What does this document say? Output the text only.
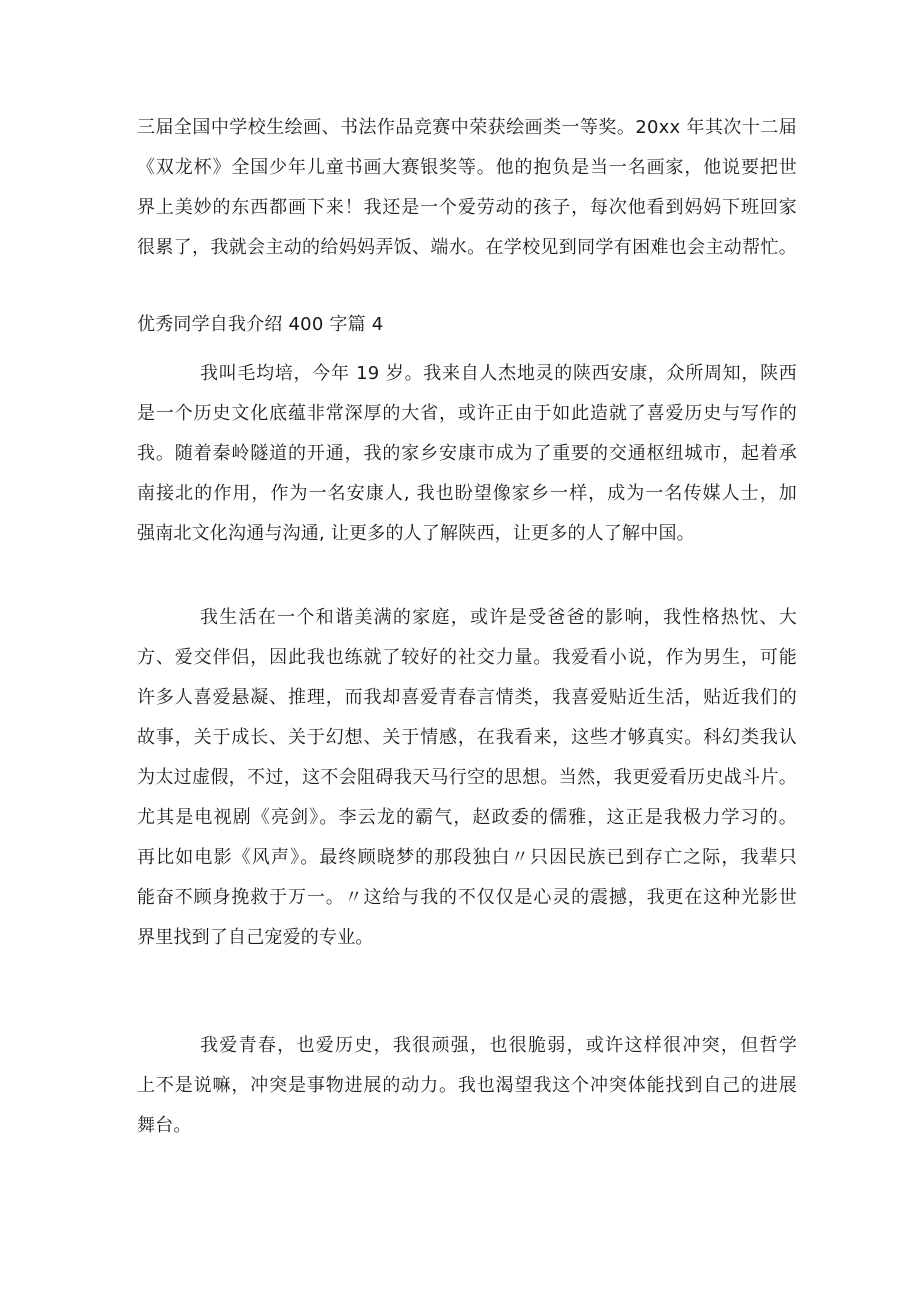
三届全国中学校生绘画、书法作品竞赛中荣获绘画类一等奖。20xx 年其次十二届
《双龙杯》全国少年儿童书画大赛银奖等。他的抱负是当一名画家，他说要把世
界上美妙的东西都画下来！我还是一个爱劳动的孩子，每次他看到妈妈下班回家
很累了，我就会主动的给妈妈弄饭、端水。在学校见到同学有困难也会主动帮忙。
优秀同学自我介绍 400 字篇 4
我叫毛均培，今年 19 岁。我来自人杰地灵的陕西安康，众所周知，陕西
是一个历史文化底蕴非常深厚的大省，或许正由于如此造就了喜爱历史与写作的
我。随着秦岭隧道的开通，我的家乡安康市成为了重要的交通枢纽城市，起着承
南接北的作用，作为一名安康人, 我也盼望像家乡一样，成为一名传媒人士，加
强南北文化沟通与沟通, 让更多的人了解陕西，让更多的人了解中国。
我生活在一个和谐美满的家庭，或许是受爸爸的影响，我性格热忱、大
方、爱交伴侣，因此我也练就了较好的社交力量。我爱看小说，作为男生，可能
许多人喜爱悬凝、推理，而我却喜爱青春言情类，我喜爱贴近生活，贴近我们的
故事，关于成长、关于幻想、关于情感，在我看来，这些才够真实。科幻类我认
为太过虚假，不过，这不会阻碍我天马行空的思想。当然，我更爱看历史战斗片。
尤其是电视剧《亮剑》。李云龙的霸气，赵政委的儒雅，这正是我极力学习的。
再比如电影《风声》。最终顾晓梦的那段独白〃只因民族已到存亡之际，我辈只
能奋不顾身挽救于万一。〃这给与我的不仅仅是心灵的震撼，我更在这种光影世
界里找到了自己宠爱的专业。
我爱青春，也爱历史，我很顽强，也很脆弱，或许这样很冲突，但哲学
上不是说嘛，冲突是事物进展的动力。我也渴望我这个冲突体能找到自己的进展
舞台。
